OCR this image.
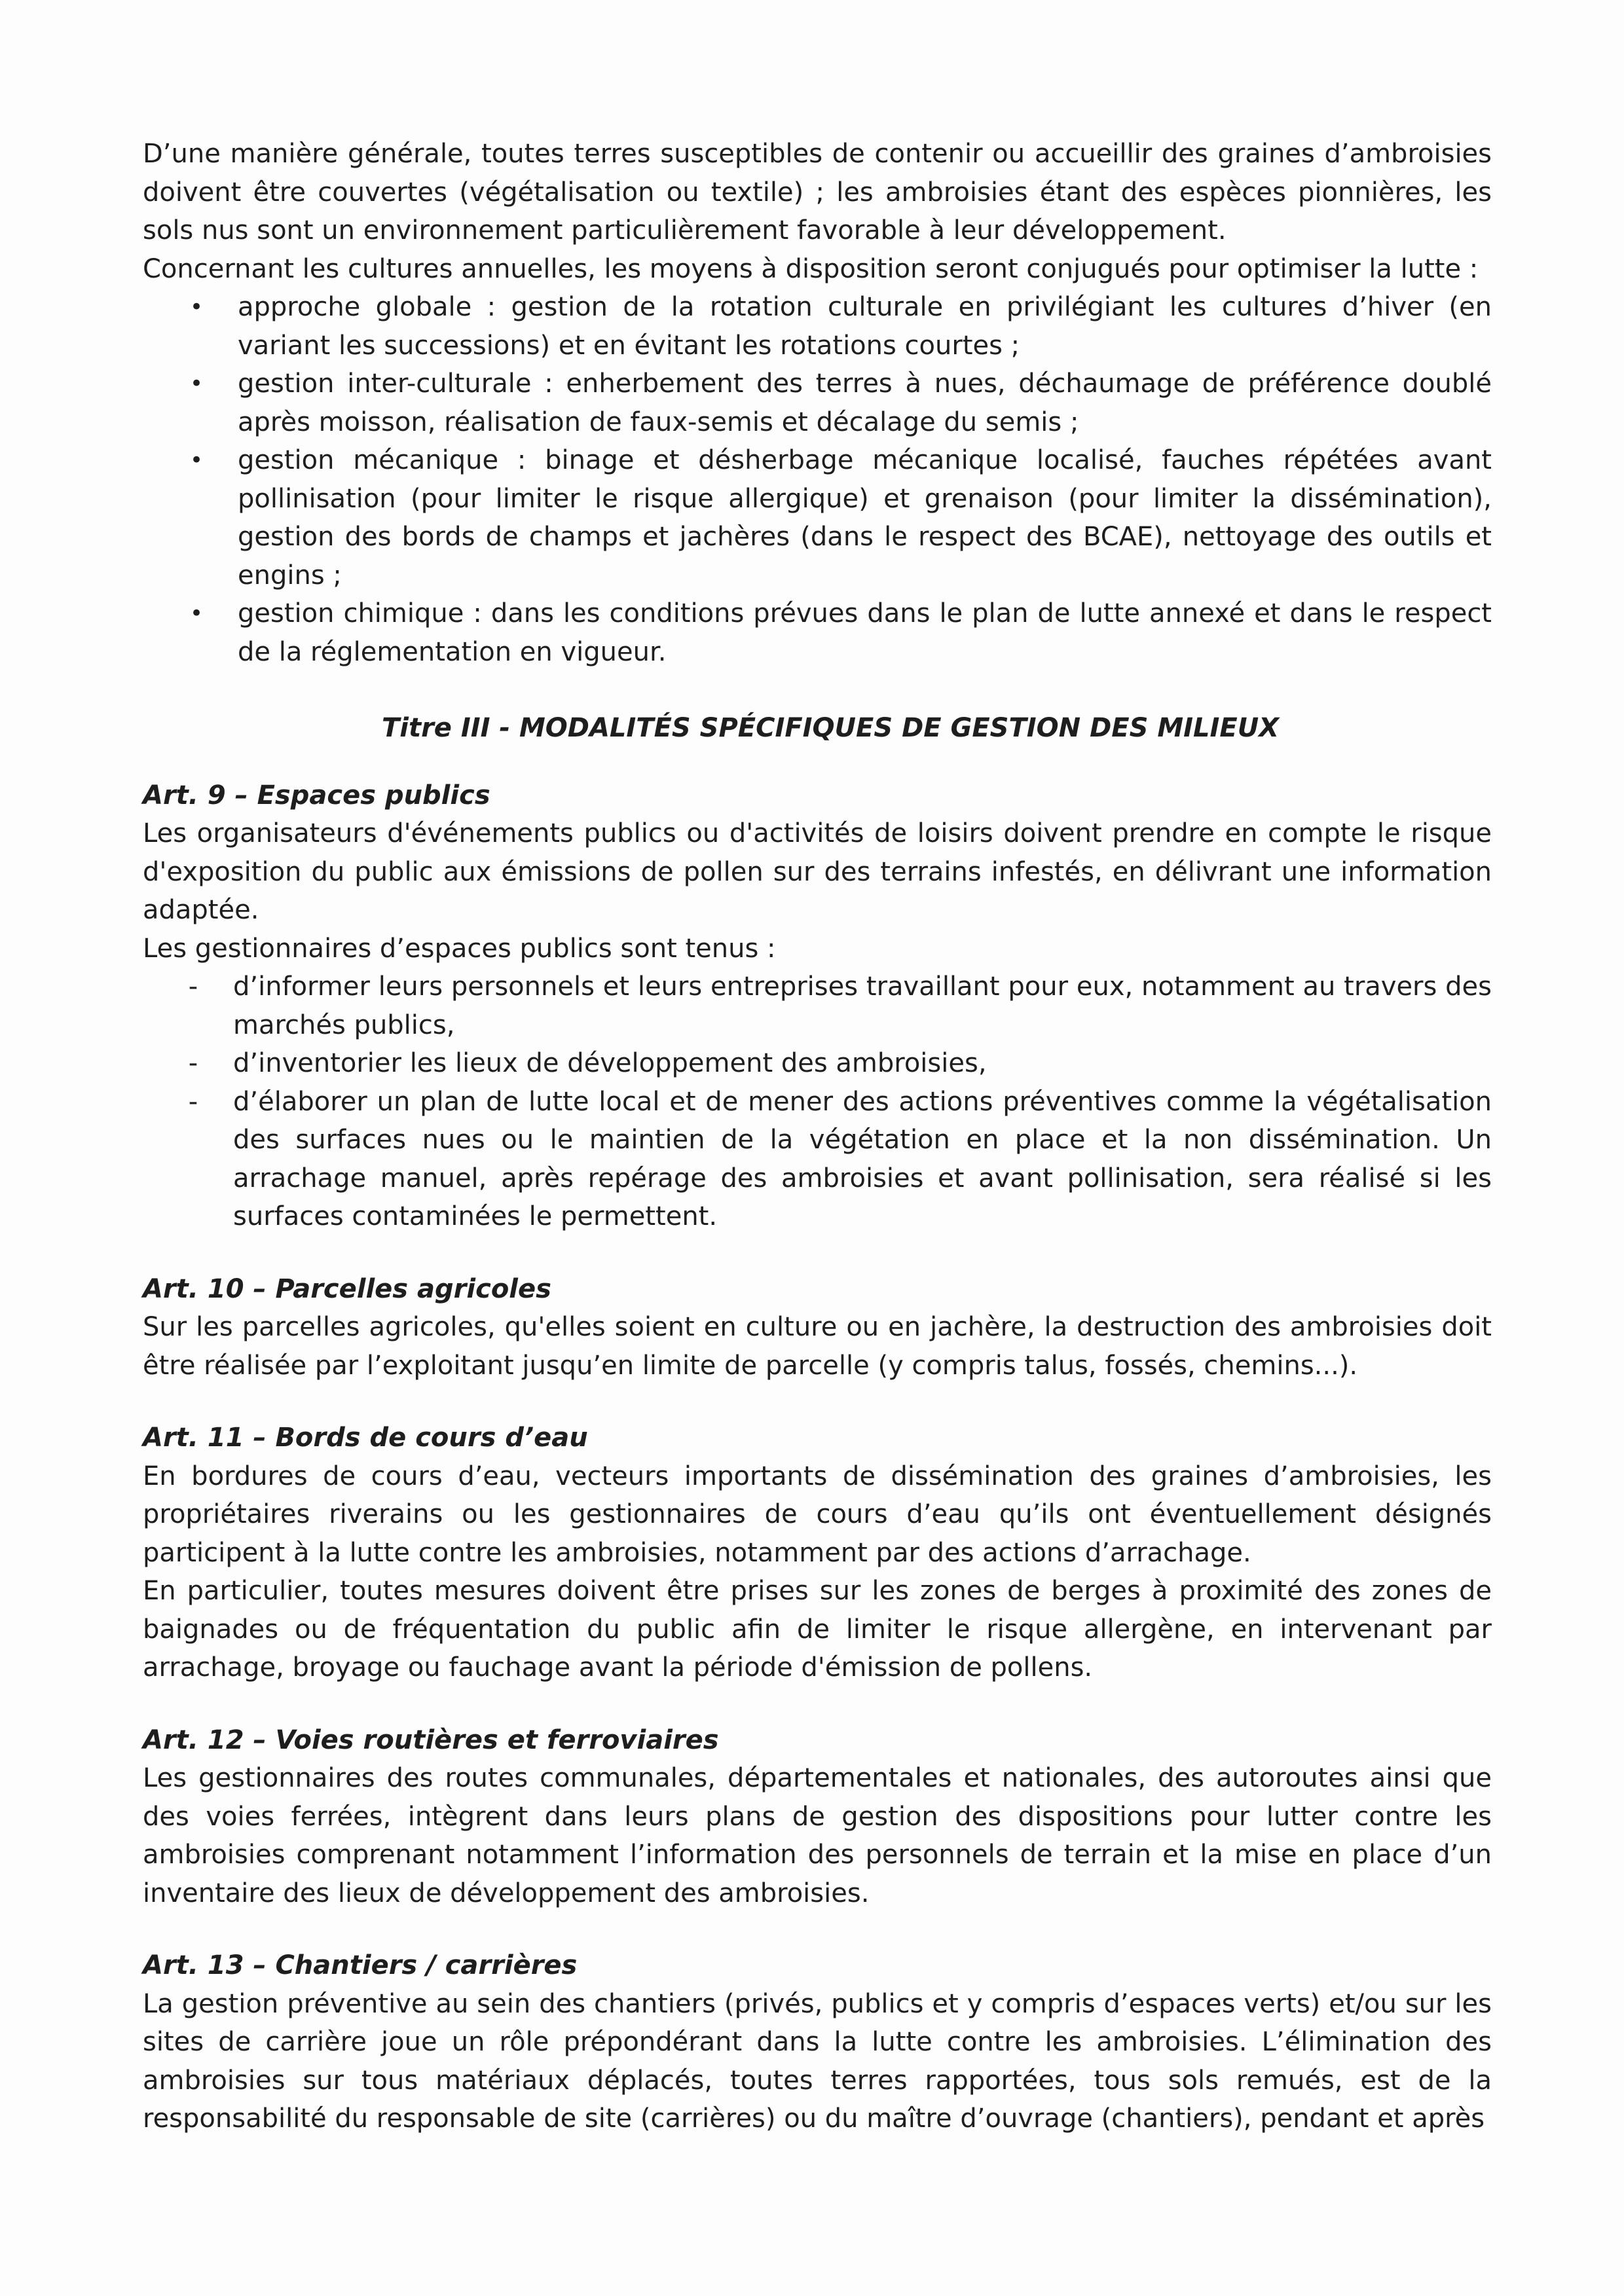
D’une manière générale, toutes terres susceptibles de contenir ou accueillir des graines d’ambroisies doivent être couvertes (végétalisation ou textile) ; les ambroisies étant des espèces pionnières, les sols nus sont un environnement particulièrement favorable à leur développement.

Concernant les cultures annuelles, les moyens à disposition seront conjugués pour optimiser la lutte :

• approche globale : gestion de la rotation culturale en privilégiant les cultures d’hiver (en variant les successions) et en évitant les rotations courtes ;
• gestion inter-culturale : enherbement des terres à nues, déchaumage de préférence doublé après moisson, réalisation de faux-semis et décalage du semis ;
• gestion mécanique : binage et désherbage mécanique localisé, fauches répétées avant pollinisation (pour limiter le risque allergique) et grenaison (pour limiter la dissémination), gestion des bords de champs et jachères (dans le respect des BCAE), nettoyage des outils et engins ;
• gestion chimique : dans les conditions prévues dans le plan de lutte annexé et dans le respect de la réglementation en vigueur.
Titre III - MODALITÉS SPÉCIFIQUES DE GESTION DES MILIEUX

Art. 9 – Espaces publics

Les organisateurs d'événements publics ou d'activités de loisirs doivent prendre en compte le risque d'exposition du public aux émissions de pollen sur des terrains infestés, en délivrant une information adaptée.

Les gestionnaires d’espaces publics sont tenus :

- d’informer leurs personnels et leurs entreprises travaillant pour eux, notamment au travers des marchés publics,
- d’inventorier les lieux de développement des ambroisies,
- d’élaborer un plan de lutte local et de mener des actions préventives comme la végétalisation des surfaces nues ou le maintien de la végétation en place et la non dissémination. Un arrachage manuel, après repérage des ambroisies et avant pollinisation, sera réalisé si les surfaces contaminées le permettent.

Art. 10 – Parcelles agricoles

Sur les parcelles agricoles, qu'elles soient en culture ou en jachère, la destruction des ambroisies doit être réalisée par l’exploitant jusqu’en limite de parcelle (y compris talus, fossés, chemins...).

Art. 11 – Bords de cours d’eau

En bordures de cours d’eau, vecteurs importants de dissémination des graines d’ambroisies, les propriétaires riverains ou les gestionnaires de cours d’eau qu’ils ont éventuellement désignés participent à la lutte contre les ambroisies, notamment par des actions d’arrachage.

En particulier, toutes mesures doivent être prises sur les zones de berges à proximité des zones de baignades ou de fréquentation du public afin de limiter le risque allergène, en intervenant par arrachage, broyage ou fauchage avant la période d'émission de pollens.

Art. 12 – Voies routières et ferroviaires

Les gestionnaires des routes communales, départementales et nationales, des autoroutes ainsi que des voies ferrées, intègrent dans leurs plans de gestion des dispositions pour lutter contre les ambroisies comprenant notamment l’information des personnels de terrain et la mise en place d’un inventaire des lieux de développement des ambroisies.

Art. 13 – Chantiers / carrières

La gestion préventive au sein des chantiers (privés, publics et y compris d’espaces verts) et/ou sur les sites de carrière joue un rôle prépondérant dans la lutte contre les ambroisies. L’élimination des ambroisies sur tous matériaux déplacés, toutes terres rapportées, tous sols remués, est de la responsabilité du responsable de site (carrières) ou du maître d’ouvrage (chantiers), pendant et après
